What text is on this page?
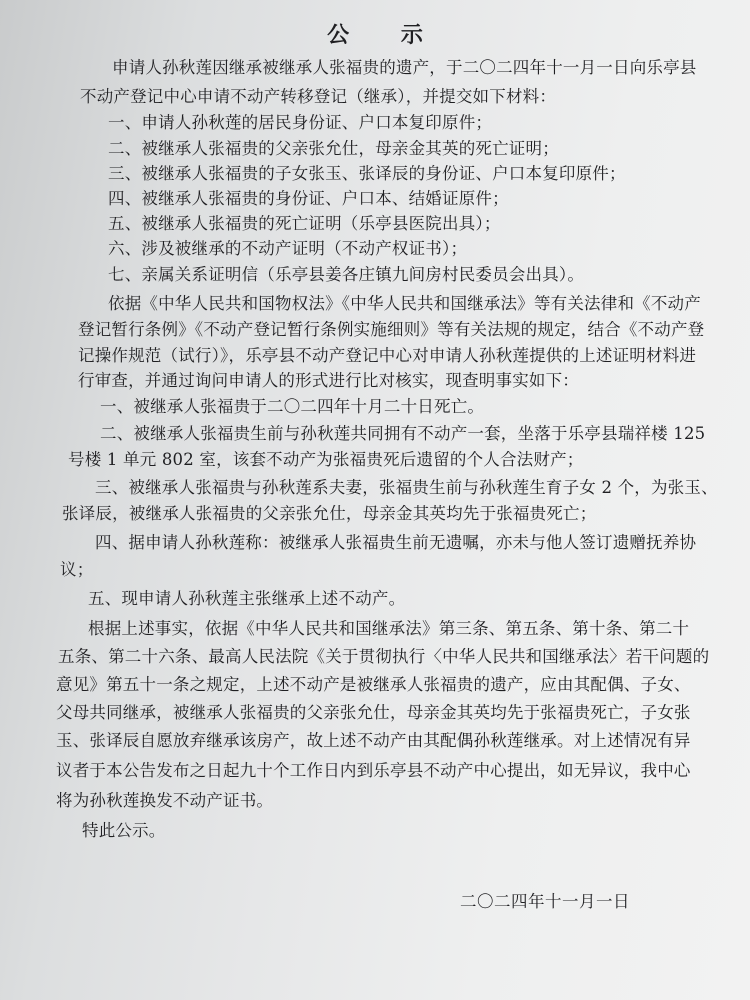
公 示
申请人孙秋莲因继承被继承人张福贵的遗产，于二〇二四年十一月一日向乐亭县
不动产登记中心申请不动产转移登记（继承），并提交如下材料：
一、申请人孙秋莲的居民身份证、户口本复印原件；
二、被继承人张福贵的父亲张允仕，母亲金其英的死亡证明；
三、被继承人张福贵的子女张玉、张译辰的身份证、户口本复印原件；
四、被继承人张福贵的身份证、户口本、结婚证原件；
五、被继承人张福贵的死亡证明（乐亭县医院出具）；
六、涉及被继承的不动产证明（不动产权证书）；
七、亲属关系证明信（乐亭县姜各庄镇九间房村民委员会出具）。
依据《中华人民共和国物权法》《中华人民共和国继承法》等有关法律和《不动产
登记暂行条例》《不动产登记暂行条例实施细则》等有关法规的规定，结合《不动产登
记操作规范（试行）》，乐亭县不动产登记中心对申请人孙秋莲提供的上述证明材料进
行审查，并通过询问申请人的形式进行比对核实，现查明事实如下：
一、被继承人张福贵于二〇二四年十月二十日死亡。
二、被继承人张福贵生前与孙秋莲共同拥有不动产一套，坐落于乐亭县瑞祥楼 125
号楼 1 单元 802 室，该套不动产为张福贵死后遗留的个人合法财产；
三、被继承人张福贵与孙秋莲系夫妻，张福贵生前与孙秋莲生育子女 2 个，为张玉、
张译辰，被继承人张福贵的父亲张允仕，母亲金其英均先于张福贵死亡；
四、据申请人孙秋莲称：被继承人张福贵生前无遗嘱，亦未与他人签订遗赠抚养协
议；
五、现申请人孙秋莲主张继承上述不动产。
根据上述事实，依据《中华人民共和国继承法》第三条、第五条、第十条、第二十
五条、第二十六条、最高人民法院《关于贯彻执行〈中华人民共和国继承法〉若干问题的
意见》第五十一条之规定，上述不动产是被继承人张福贵的遗产，应由其配偶、子女、
父母共同继承，被继承人张福贵的父亲张允仕，母亲金其英均先于张福贵死亡，子女张
玉、张译辰自愿放弃继承该房产，故上述不动产由其配偶孙秋莲继承。对上述情况有异
议者于本公告发布之日起九十个工作日内到乐亭县不动产中心提出，如无异议，我中心
将为孙秋莲换发不动产证书。
特此公示。
二〇二四年十一月一日
